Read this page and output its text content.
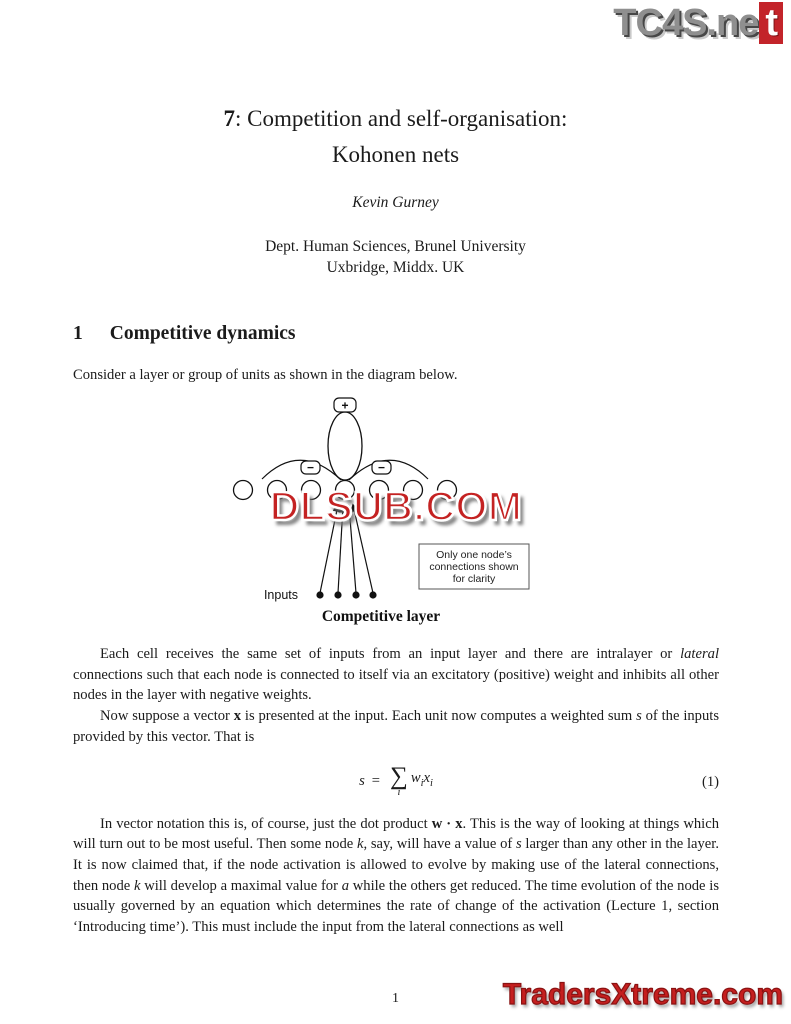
TC4S.ne t
7: Competition and self-organisation:
Kohonen nets
Kevin Gurney
Dept. Human Sciences, Brunel University
Uxbridge, Middx. UK
1 Competitive dynamics
Consider a layer or group of units as shown in the diagram below.
+
−	−
Inputs
Only one node’s
connections shown
for clarity
Competitive layer
DLSUB.COM

Each cell receives the same set of inputs from an input layer and there are intralayer or lateral connections such that each node is connected to itself via an excitatory (positive) weight and inhibits all other nodes in the layer with negative weights.

Now suppose a vector x is presented at the input. Each unit now computes a weighted sum s of the inputs provided by this vector. That is

s = ∑
i
$w_ix_i$	(1)

In vector notation this is, of course, just the dot product w · x. This is the way of looking at things which will turn out to be most useful. Then some node k, say, will have a value of s larger than any other in the layer. It is now claimed that, if the node activation is allowed to evolve by making use of the lateral connections, then node k will develop a maximal value for a while the others get reduced. The time evolution of the node is usually governed by an equation which determines the rate of change of the activation (Lecture 1, section ‘Introducing time’). This must include the input from the lateral connections as well

1	TradersXtreme.com
